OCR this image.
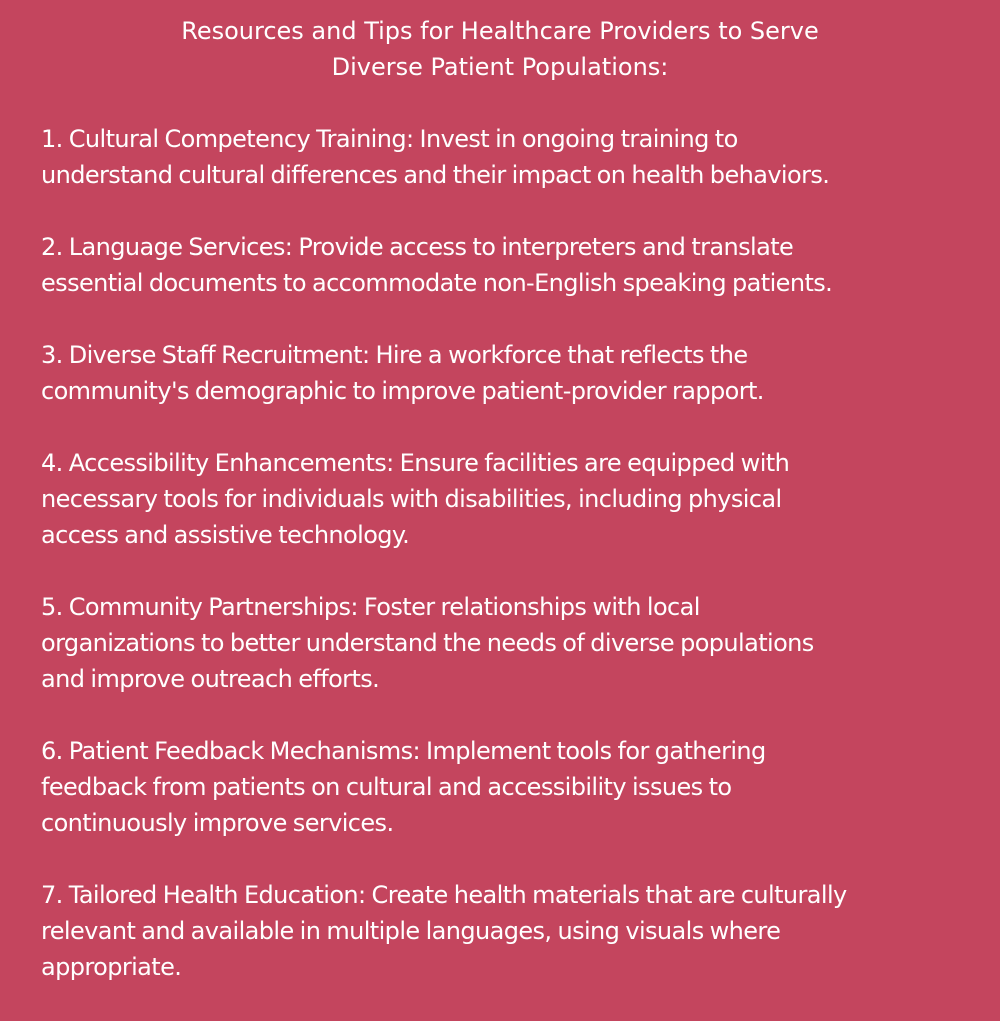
Resources and Tips for Healthcare Providers to Serve
Diverse Patient Populations:
1. Cultural Competency Training: Invest in ongoing training to
understand cultural differences and their impact on health behaviors.
2. Language Services: Provide access to interpreters and translate
essential documents to accommodate non-English speaking patients.
3. Diverse Staff Recruitment: Hire a workforce that reflects the
community's demographic to improve patient-provider rapport.
4. Accessibility Enhancements: Ensure facilities are equipped with
necessary tools for individuals with disabilities, including physical
access and assistive technology.
5. Community Partnerships: Foster relationships with local
organizations to better understand the needs of diverse populations
and improve outreach efforts.
6. Patient Feedback Mechanisms: Implement tools for gathering
feedback from patients on cultural and accessibility issues to
continuously improve services.
7. Tailored Health Education: Create health materials that are culturally
relevant and available in multiple languages, using visuals where
appropriate.
